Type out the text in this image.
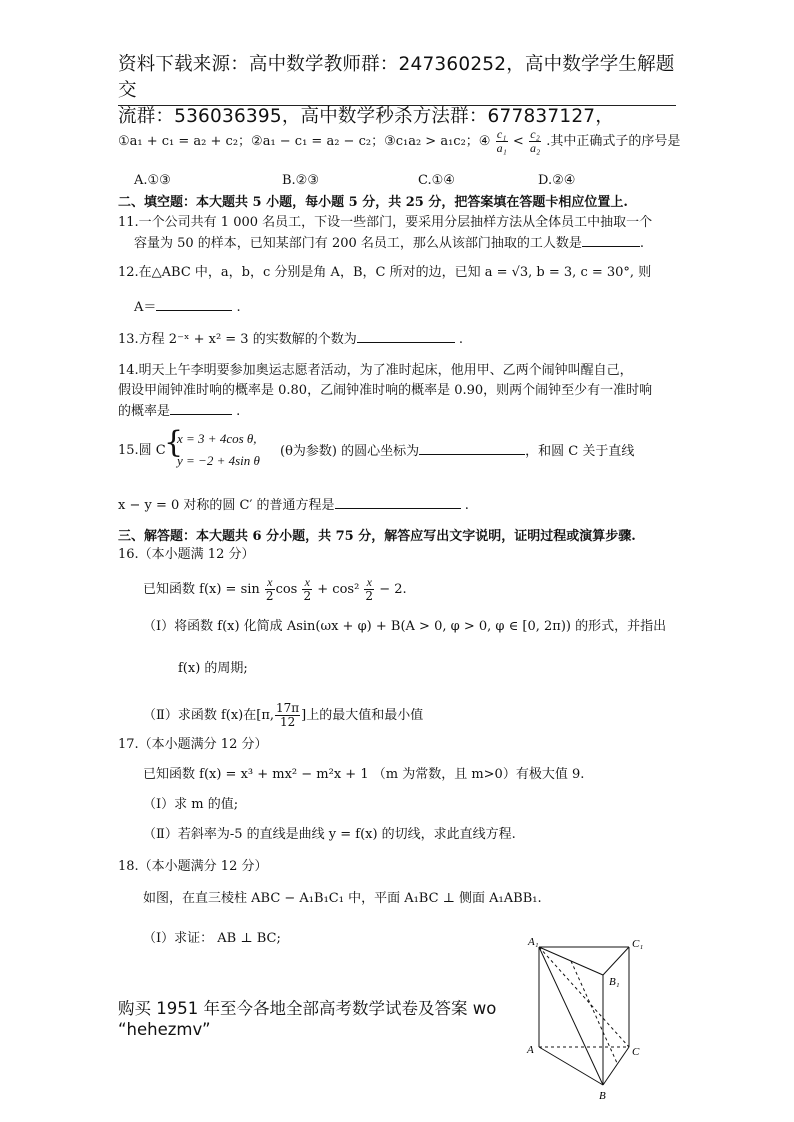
资料下载来源：高中数学教师群：247360252，高中数学学生解题交
流群：536036395，高中数学秒杀方法群：677837127，
①a₁ + c₁ = a₂ + c₂；②a₁ − c₁ = a₂ − c₂；③c₁a₂ > a₁c₂；④ $\frac{\text{c₁}}{\text{a₁}} < \frac{\text{c₂}}{\text{a₂}}$ .其中正确式子的序号是
A.①③	B.②③	C.①④	D.②④
二、填空题：本大题共 5 小题，每小题 5 分，共 25 分，把答案填在答题卡相应位置上.
11.一个公司共有 1 000 名员工，下设一些部门，要采用分层抽样方法从全体员工中抽取一个
容量为 50 的样本，已知某部门有 200 名员工，那么从该部门抽取的工人数是	.
12.在△ABC 中，a，b，c 分别是角 A，B，C 所对的边，已知 a = √3, b = 3, c = 30°, 则
A＝	.
13.方程 2⁻ˣ + x² = 3 的实数解的个数为	.
14.明天上午李明要参加奥运志愿者活动，为了准时起床，他用甲、乙两个闹钟叫醒自己，
假设甲闹钟准时响的概率是 0.80，乙闹钟准时响的概率是 0.90，则两个闹钟至少有一准时响
的概率是	.
15.圆 C
{
x = 3 + 4cos θ,
y = −2 + 4sin θ
(θ为参数) 的圆心坐标为	，和圆 C 关于直线
x − y = 0 对称的圆 C′ 的普通方程是	.
三、解答题：本大题共 6 分小题，共 75 分，解答应写出文字说明，证明过程或演算步骤.
16.（本小题满 12 分）
已知函数 $f(x) = \sin \frac{x}{2}$ $\cos \frac{x}{2} + \cos^2 \frac{x}{2} - 2$.
（Ⅰ）将函数 f(x) 化简成 Asin(ωx + φ) + B(A > 0, φ > 0, φ ∈ [0, 2π)) 的形式，并指出
f(x) 的周期;
（Ⅱ）求函数 f(x)在[π, $\frac{17\pi}{12}$ ]上的最大值和最小值
17.（本小题满分 12 分）
已知函数 f(x) = x³ + mx² − m²x + 1 （m 为常数，且 m>0）有极大值 9.
（Ⅰ）求 m 的值;
（Ⅱ）若斜率为-5 的直线是曲线 y = f(x) 的切线，求此直线方程.
18.（本小题满分 12 分）
如图，在直三棱柱 ABC − A₁B₁C₁ 中，平面 A₁BC ⊥ 侧面 A₁ABB₁.
（Ⅰ）求证： AB ⊥ BC;
购买 1951 年至今各地全部高考数学试卷及答案 wo
“hehezmv”
A₁	C₁
B₁
A	C
B
